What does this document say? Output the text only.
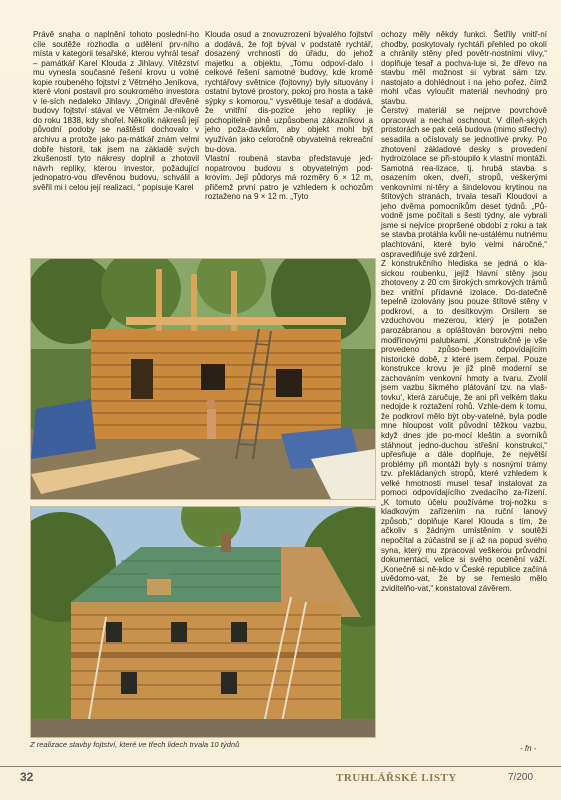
Právě snaha o naplnění tohoto poslední-ho cíle soutěže rozhodla o udělení prv-ního místa v kategorii tesařské, kterou vyhrál tesař – památkář Karel Klouda z Jihlavy. Vítězství mu vynesla současné řešení krovu u volné kopie roubeného fojtství z Větrného Jeníkova, které vloni postavil pro soukromého investora v le-sích nedaleko Jihlavy. „Originál dřevěné budovy fojtství stával ve Větrném Je-níkově do roku 1838, kdy shořel. Několik nákresů její původní podoby se naštěstí dochovalo v archivu a protože jako pa-mátkář znám velmi dobře historii, tak jsem na základě svých zkušeností tyto nákresy doplnil a zhotovil návrh repliky, kterou investor, požadující jednopatro-vou dřevěnou budovu, schválil a svěřil mi i celou její realizaci, “ popisuje Karel

Klouda osud a znovuzrození bývalého fojtství a dodává, že fojt býval v podstatě rychtář, dosazený vrchností do úřadu, do jehož majetku a objektu. „Tomu odpoví-dalo i celkové řešení samotné budovy, kde kromě rychtářovy světnice (fojtovny) byly situovány i ostatní bytové prostory, pokoj pro hosta a také sýpky s komorou,“ vysvětluje tesař a dodává, že vnitřní dis-pozice jeho repliky je pochopitelně plně uzpůsobena zákazníkovi a jeho poža-davkům, aby objekt mohl být využíván jako celoročně obyvatelná rekreační bu-dova.

Vlastní roubená stavba představuje jed-nopatrovou budovu s obyvatelným pod-krovím. Její půdorys má rozměry 6 × 12 m, přičemž první patro je vzhledem k ochozům roztaženo na 9 × 12 m. „Tyto

ochozy měly někdy funkci. Šetřily vnitř-ní chodby, poskytovaly rychtáři přehled po okolí a chránily stěny před povětr-nostními vlivy,“ doplňuje tesař a pochva-luje si, že dřevo na stavbu měl možnost si vybrat sám tzv. nastojato a dohlédnout i na jeho pořez, čímž mohl včas vyloučit materiál nevhodný pro stavbu.

Čerstvý materiál se nejprve povrchově opracoval a nechal oschnout. V díleň-ských prostorách se pak celá budova (mimo střechy) sesadila a očíslovaly se jednotlivé prvky. Po zhotovení základové desky s provedení hydroizolace se při-stoupilo k vlastní montáži. Samotná rea-lizace, tj. hrubá stavba s osazením oken, dveří, stropů, veškerými venkovními ni-těry a šindelovou krytinou na štítových stranách, trvala tesaři Kloudovi a jeho dvěma pomocníkům deset týdnů. „Pů-vodně jsme počítali s šesti týdny, ale vybrali jsme si nejvíce propršené období z roku a tak se stavba protáhla kvůli ne-ustálému nutnému plachtování, které bylo velmi náročné,“ ospravedlňuje své zdržení.

Z konstrukčního hlediska se jedná o kla-sickou roubenku, jejíž hlavní stěny jsou zhotoveny z 20 cm širokých smrkových trámů bez vnitřní přídavné izolace. Do-datečně tepelně izolovány jsou pouze štítové stěny v podkroví, a to desítkovým Orsilem se vzduchovou mezerou, který je potažen parozábranou a opláštován borovými nebo modřínovými palubkami. „Konstrukčně je vše provedeno způso-bem odpovídajícím historické době, z které jsem čerpal. Pouze konstrukce krovu je již plně moderní se zachováním venkovní hmoty a tvaru. Zvolil jsem vazbu šikmého plátování tzv. na vlaš-tovku‘, která zaručuje, že ani při velkém tlaku nedojde k roztažení rohů. Vzhle-dem k tomu, že podkroví mělo být oby-vatelné, byla podle mne hloupost volit původní těžkou vazbu, když dnes jde po-mocí kleštin a svorníků stáhnout jedno-duchou střešní konstrukci,“ upřesňuje a dále doplňuje, že největší problémy při montáži byly s nosnými trámy tzv. překládaných stropů, které vzhledem k velké hmotnosti musel tesař instalovat za pomoci odpovídajícího zvedacího za-řízení. „K tomuto účelu používáme troj-nožku s kladkovým zařízením na ruční lanový způsob,“ doplňuje Karel Klouda s tím, že ačkoliv s žádným umístěním v soutěži nepočítal a zúčastnil se jí až na popud svého syna, který mu zpracoval veškerou průvodní dokumentaci, velice si svého ocenění váží. „Konečně si ně-kdo v České republice začíná uvědomo-vat, že by se řemeslo mělo zviditelňo-vat,“ konstatoval závěrem.

Z realizace stavby fojtství, které ve třech lidech trvala 10 týdnů	- fn -
32	TRUHLÁŘSKÉ LISTY	7/200
